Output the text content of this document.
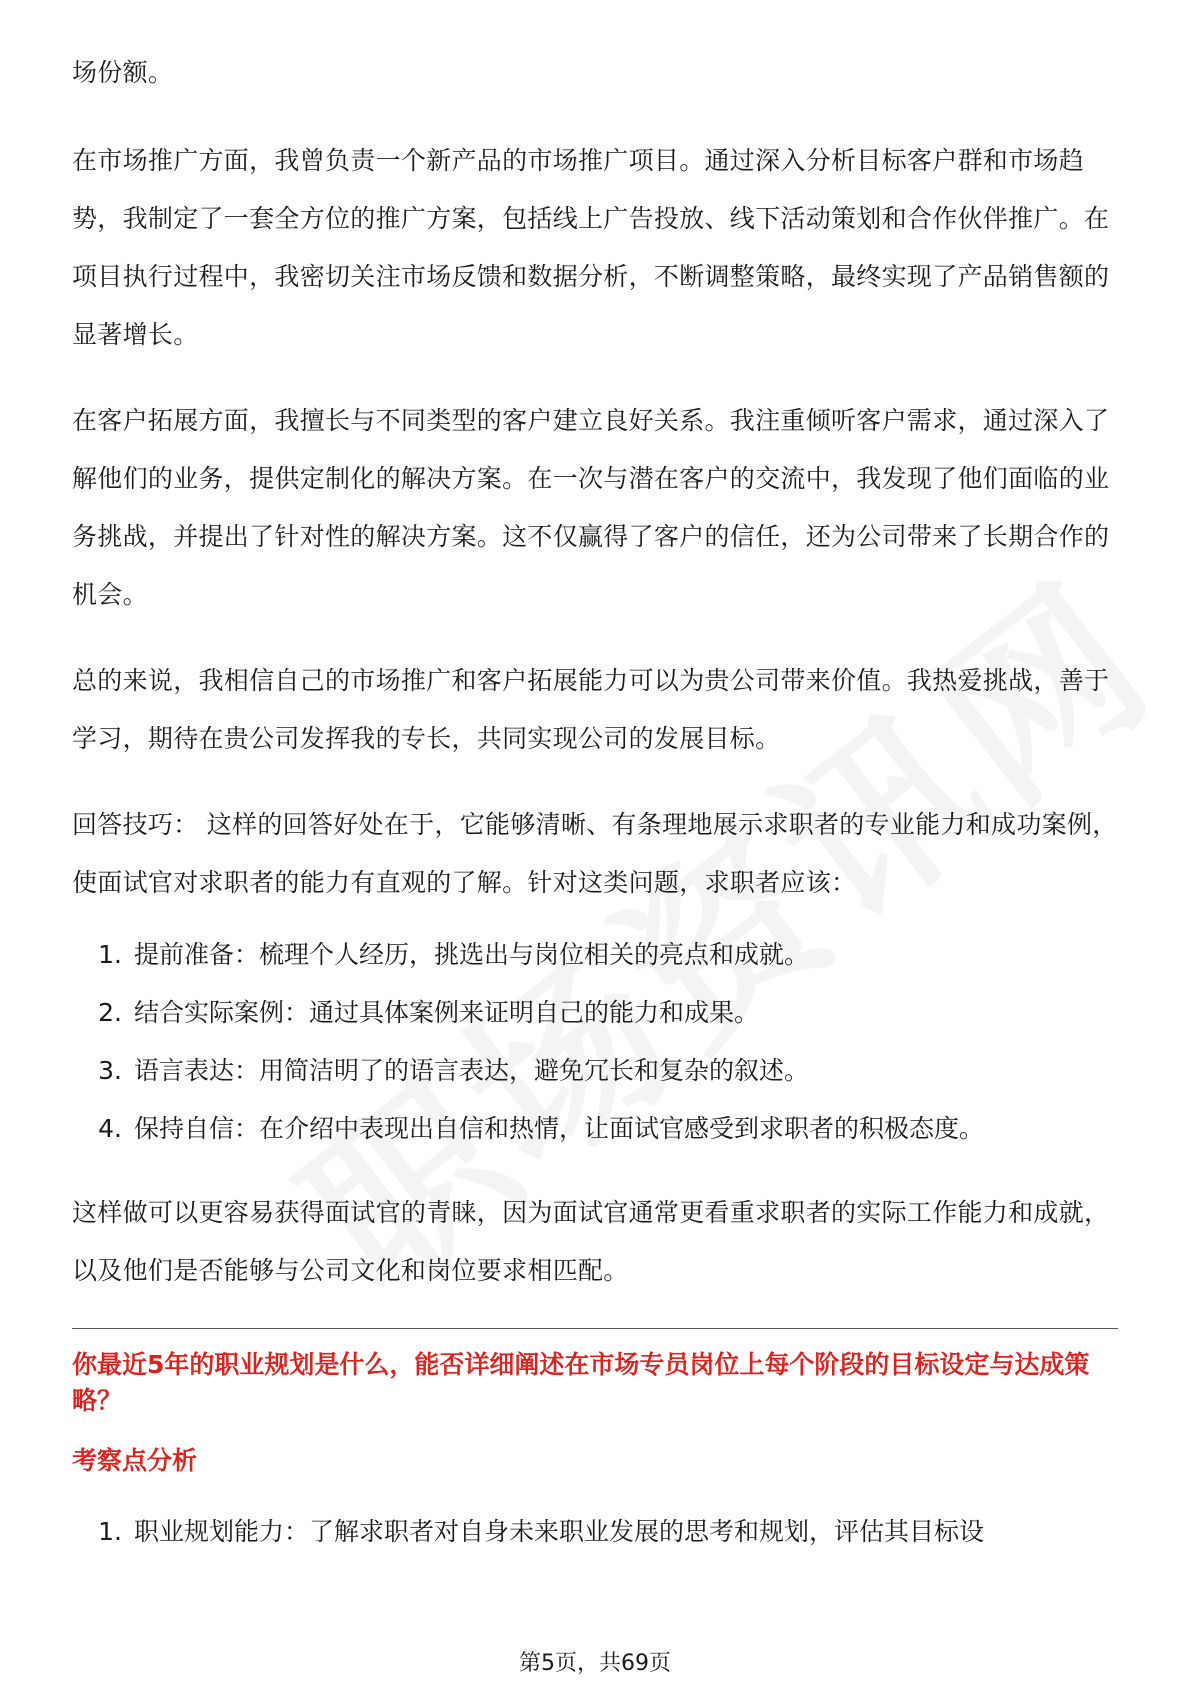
场份额。

在市场推广方面，我曾负责一个新产品的市场推广项目。通过深入分析目标客户群和市场趋势，我制定了一套全方位的推广方案，包括线上广告投放、线下活动策划和合作伙伴推广。在项目执行过程中，我密切关注市场反馈和数据分析，不断调整策略，最终实现了产品销售额的显著增长。

在客户拓展方面，我擅长与不同类型的客户建立良好关系。我注重倾听客户需求，通过深入了解他们的业务，提供定制化的解决方案。在一次与潜在客户的交流中，我发现了他们面临的业务挑战，并提出了针对性的解决方案。这不仅赢得了客户的信任，还为公司带来了长期合作的机会。

总的来说，我相信自己的市场推广和客户拓展能力可以为贵公司带来价值。我热爱挑战，善于学习，期待在贵公司发挥我的专长，共同实现公司的发展目标。

回答技巧： 这样的回答好处在于，它能够清晰、有条理地展示求职者的专业能力和成功案例，使面试官对求职者的能力有直观的了解。针对这类问题，求职者应该：

1. 提前准备：梳理个人经历，挑选出与岗位相关的亮点和成就。
2. 结合实际案例：通过具体案例来证明自己的能力和成果。
3. 语言表达：用简洁明了的语言表达，避免冗长和复杂的叙述。
4. 保持自信：在介绍中表现出自信和热情，让面试官感受到求职者的积极态度。

这样做可以更容易获得面试官的青睐，因为面试官通常更看重求职者的实际工作能力和成就，以及他们是否能够与公司文化和岗位要求相匹配。

你最近5年的职业规划是什么，能否详细阐述在市场专员岗位上每个阶段的目标设定与达成策略？

考察点分析

1. 职业规划能力：了解求职者对自身未来职业发展的思考和规划，评估其目标设
第5页，共69页
